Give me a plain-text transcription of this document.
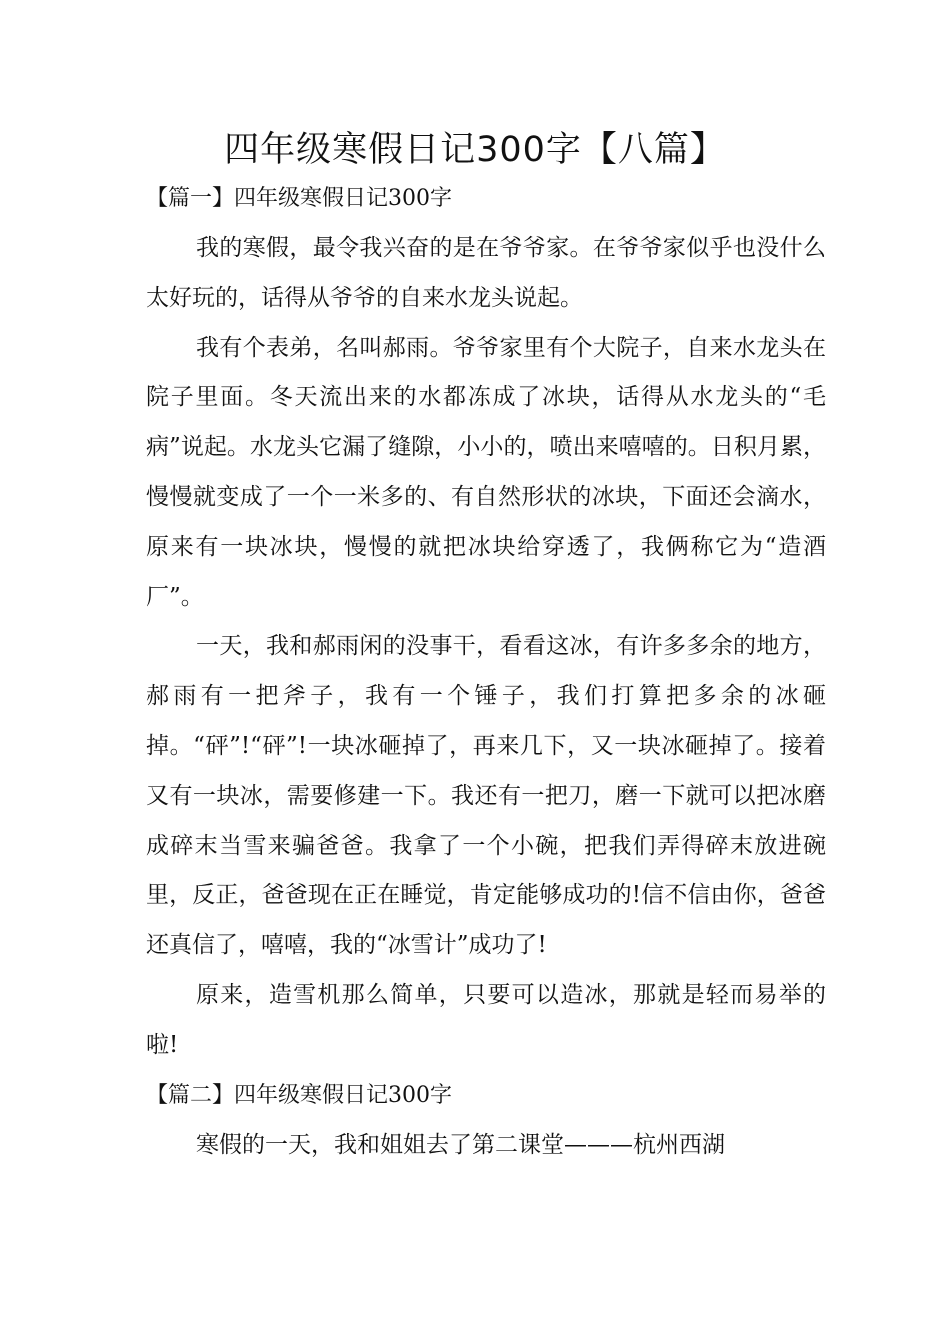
四年级寒假日记300字【八篇】
【篇一】四年级寒假日记300字

我的寒假，最令我兴奋的是在爷爷家。在爷爷家似乎也没什么太好玩的，话得从爷爷的自来水龙头说起。

我有个表弟，名叫郝雨。爷爷家里有个大院子，自来水龙头在院子里面。冬天流出来的水都冻成了冰块，话得从水龙头的“毛病”说起。水龙头它漏了缝隙，小小的，喷出来嘻嘻的。日积月累，慢慢就变成了一个一米多的、有自然形状的冰块，下面还会滴水，原来有一块冰块，慢慢的就把冰块给穿透了，我俩称它为“造酒厂”。

一天，我和郝雨闲的没事干，看看这冰，有许多多余的地方，郝雨有一把斧子，我有一个锤子，我们打算把多余的冰砸掉。“砰”!“砰”!一块冰砸掉了，再来几下，又一块冰砸掉了。接着又有一块冰，需要修建一下。我还有一把刀，磨一下就可以把冰磨成碎末当雪来骗爸爸。我拿了一个小碗，把我们弄得碎末放进碗里，反正，爸爸现在正在睡觉，肯定能够成功的!信不信由你，爸爸还真信了，嘻嘻，我的“冰雪计”成功了!

原来，造雪机那么简单，只要可以造冰，那就是轻而易举的啦!

【篇二】四年级寒假日记300字

寒假的一天，我和姐姐去了第二课堂———杭州西湖
